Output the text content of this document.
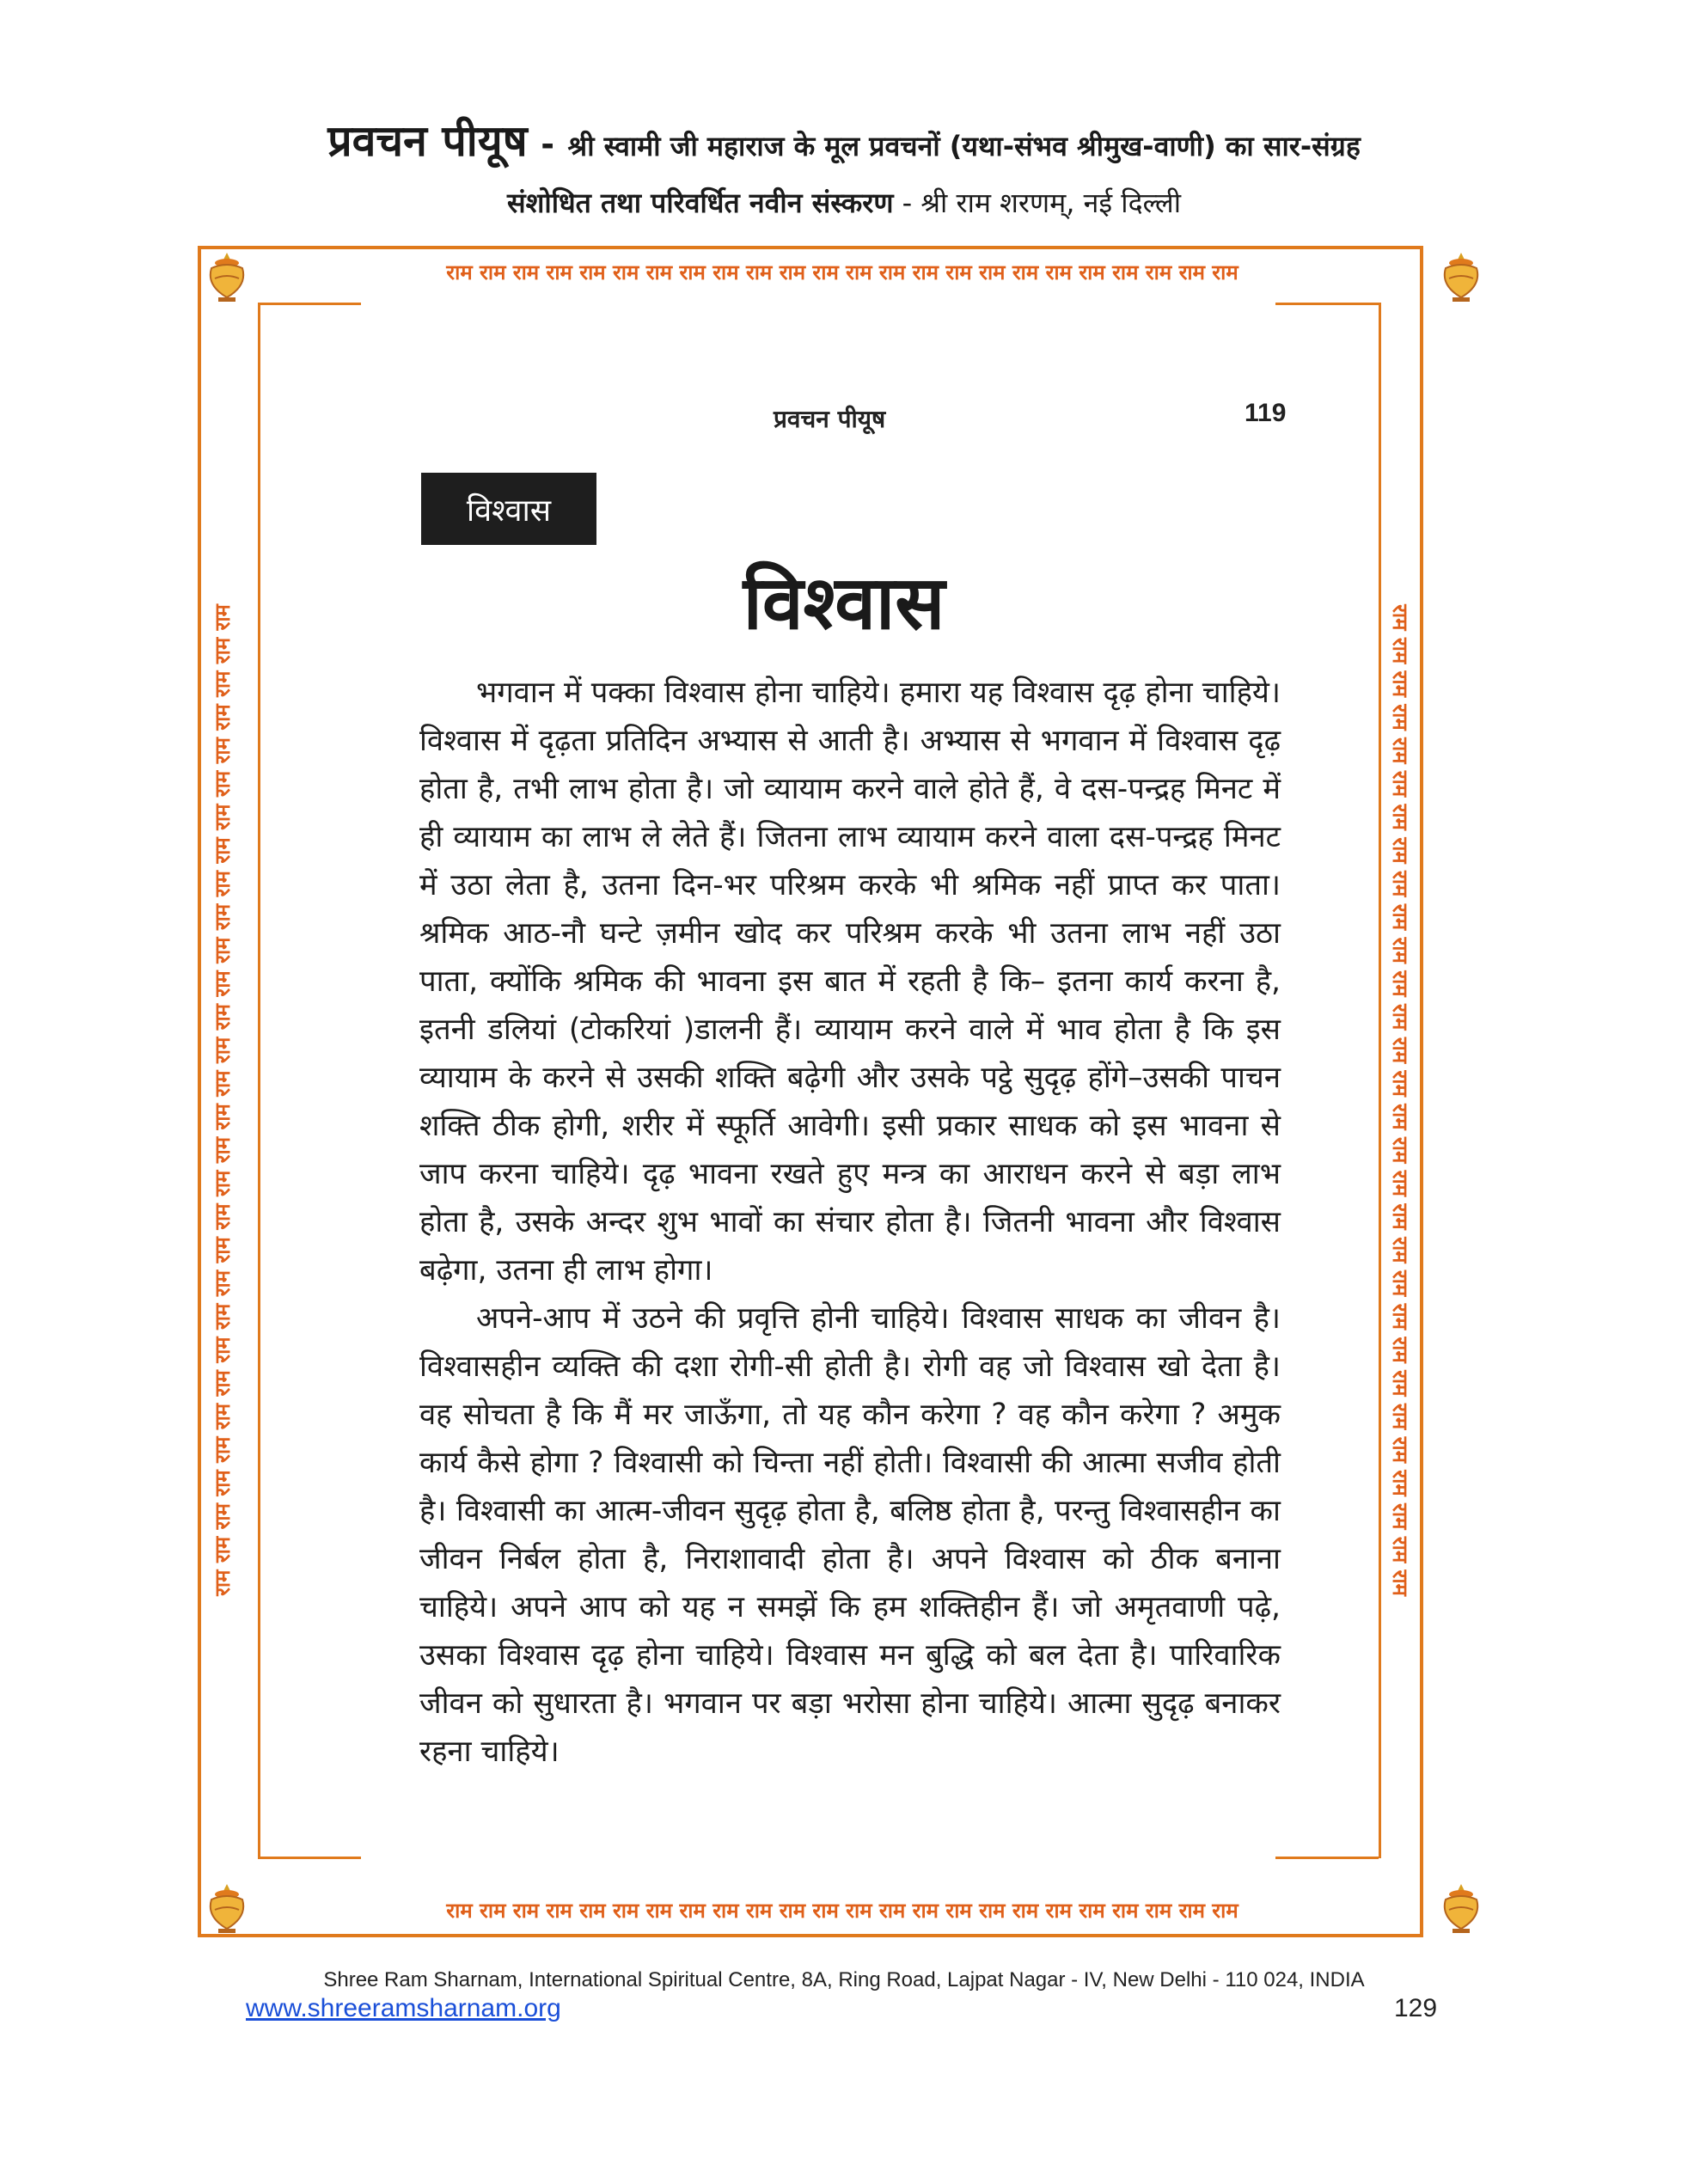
प्रवचन पीयूष - श्री स्वामी जी महाराज के मूल प्रवचनों (यथा-संभव श्रीमुख-वाणी) का सार-संग्रह
संशोधित तथा परिवर्धित नवीन संस्करण - श्री राम शरणम्, नई दिल्ली
राम राम राम राम राम राम राम राम राम राम राम राम राम राम राम राम राम राम राम राम राम राम राम राम
राम राम राम राम राम राम राम राम राम राम राम राम राम राम राम राम राम राम राम राम राम राम राम राम
राम राम राम राम राम राम राम राम राम राम राम राम राम राम राम राम राम राम राम राम राम राम राम राम राम राम राम राम राम राम	राम राम राम राम राम राम राम राम राम राम राम राम राम राम राम राम राम राम राम राम राम राम राम राम राम राम राम राम राम राम
प्रवचन पीयूष	119
विश्वास
विश्वास

भगवान में पक्का विश्वास होना चाहिये। हमारा यह विश्वास दृढ़ होना चाहिये। विश्वास में दृढ़ता प्रतिदिन अभ्यास से आती है। अभ्यास से भगवान में विश्वास दृढ़ होता है, तभी लाभ होता है। जो व्यायाम करने वाले होते हैं, वे दस-पन्द्रह मिनट में ही व्यायाम का लाभ ले लेते हैं। जितना लाभ व्यायाम करने वाला दस-पन्द्रह मिनट में उठा लेता है, उतना दिन-भर परिश्रम करके भी श्रमिक नहीं प्राप्त कर पाता। श्रमिक आठ-नौ घन्टे ज़मीन खोद कर परिश्रम करके भी उतना लाभ नहीं उठा पाता, क्योंकि श्रमिक की भावना इस बात में रहती है कि– इतना कार्य करना है, इतनी डलियां (टोकरियां )डालनी हैं। व्यायाम करने वाले में भाव होता है कि इस व्यायाम के करने से उसकी शक्ति बढ़ेगी और उसके पट्ठे सुदृढ़ होंगे–उसकी पाचन शक्ति ठीक होगी, शरीर में स्फूर्ति आवेगी। इसी प्रकार साधक को इस भावना से जाप करना चाहिये। दृढ़ भावना रखते हुए मन्त्र का आराधन करने से बड़ा लाभ होता है, उसके अन्दर शुभ भावों का संचार होता है। जितनी भावना और विश्वास बढ़ेगा, उतना ही लाभ होगा।

अपने-आप में उठने की प्रवृत्ति होनी चाहिये। विश्वास साधक का जीवन है। विश्वासहीन व्यक्ति की दशा रोगी-सी होती है। रोगी वह जो विश्वास खो देता है। वह सोचता है कि मैं मर जाऊँगा, तो यह कौन करेगा ? वह कौन करेगा ? अमुक कार्य कैसे होगा ? विश्वासी को चिन्ता नहीं होती। विश्वासी की आत्मा सजीव होती है। विश्वासी का आत्म-जीवन सुदृढ़ होता है, बलिष्ठ होता है, परन्तु विश्वासहीन का जीवन निर्बल होता है, निराशावादी होता है। अपने विश्वास को ठीक बनाना चाहिये। अपने आप को यह न समझें कि हम शक्तिहीन हैं। जो अमृतवाणी पढ़े, उसका विश्वास दृढ़ होना चाहिये। विश्वास मन बुद्धि को बल देता है। पारिवारिक जीवन को सुधारता है। भगवान पर बड़ा भरोसा होना चाहिये। आत्मा सुदृढ़ बनाकर रहना चाहिये।

Shree Ram Sharnam, International Spiritual Centre, 8A, Ring Road, Lajpat Nagar - IV, New Delhi - 110 024, INDIA
www.shreeramsharnam.org	129
